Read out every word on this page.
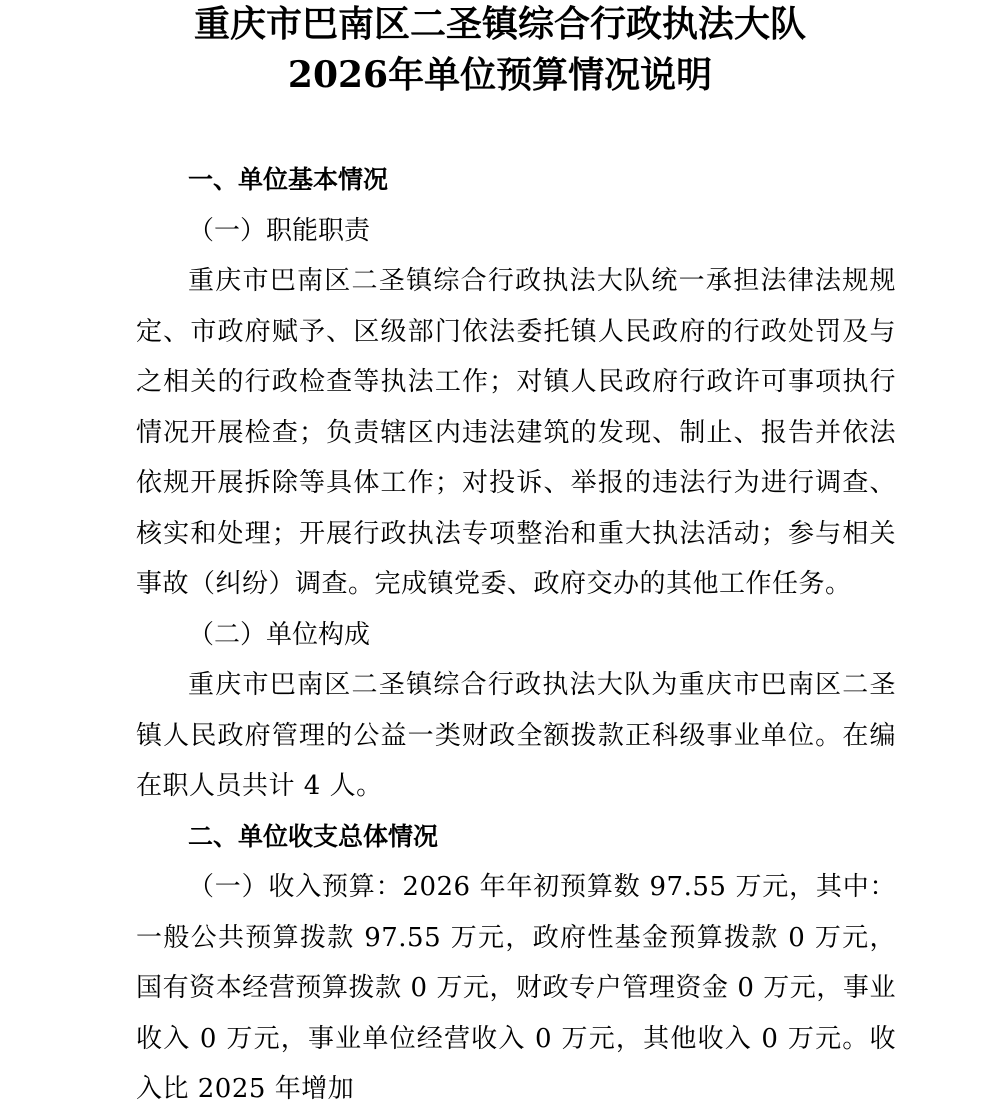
重庆市巴南区二圣镇综合行政执法大队
2026年单位预算情况说明

一、单位基本情况

（一）职能职责

重庆市巴南区二圣镇综合行政执法大队统一承担法律法规规定、市政府赋予、区级部门依法委托镇人民政府的行政处罚及与之相关的行政检查等执法工作；对镇人民政府行政许可事项执行情况开展检查；负责辖区内违法建筑的发现、制止、报告并依法依规开展拆除等具体工作；对投诉、举报的违法行为进行调查、核实和处理；开展行政执法专项整治和重大执法活动；参与相关事故（纠纷）调查。完成镇党委、政府交办的其他工作任务。

（二）单位构成

重庆市巴南区二圣镇综合行政执法大队为重庆市巴南区二圣镇人民政府管理的公益一类财政全额拨款正科级事业单位。在编在职人员共计 4 人。

二、单位收支总体情况

（一）收入预算：2026 年年初预算数 97.55 万元，其中：一般公共预算拨款 97.55 万元，政府性基金预算拨款 0 万元，国有资本经营预算拨款 0 万元，财政专户管理资金 0 万元，事业收入 0 万元，事业单位经营收入 0 万元，其他收入 0 万元。收入比 2025 年增加
